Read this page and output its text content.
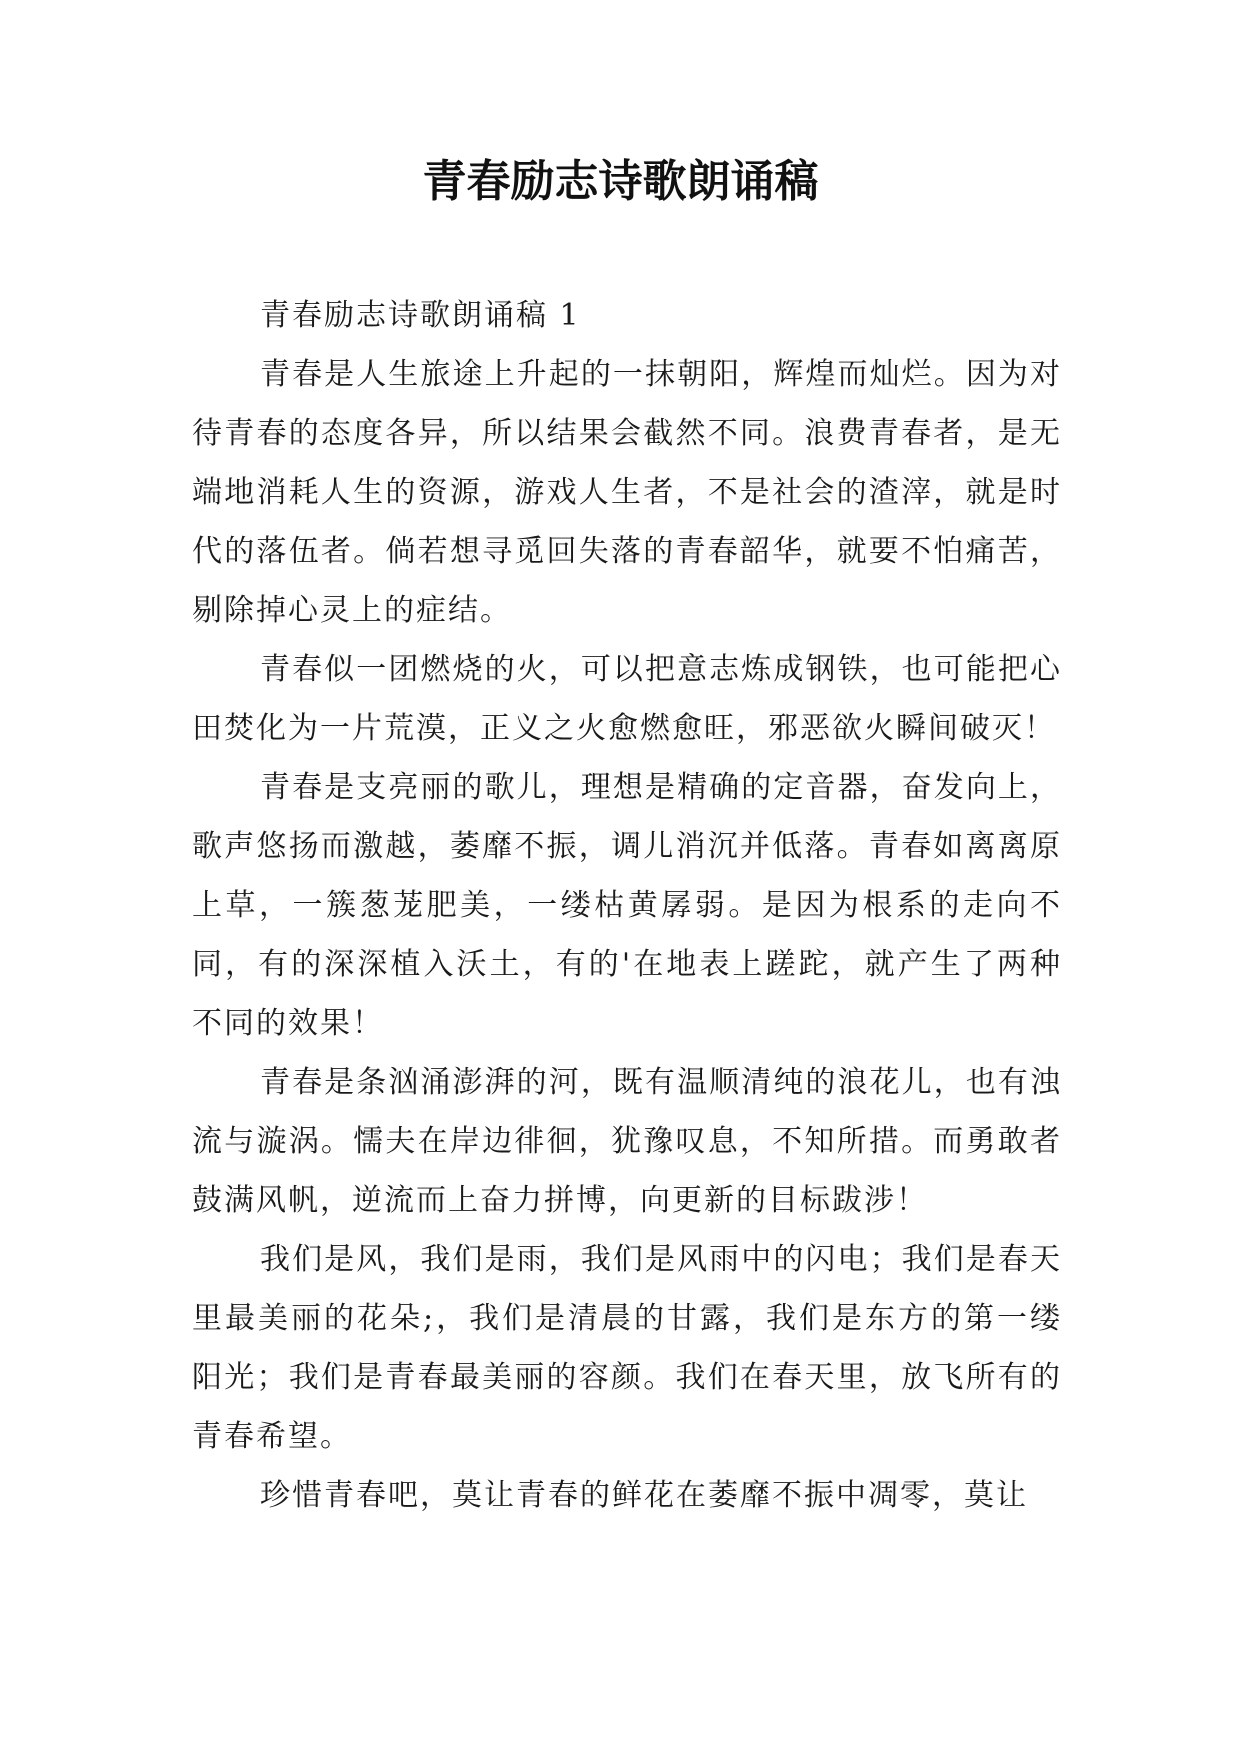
青春励志诗歌朗诵稿

青春励志诗歌朗诵稿 1

青春是人生旅途上升起的一抹朝阳，辉煌而灿烂。因为对待青春的态度各异，所以结果会截然不同。浪费青春者，是无端地消耗人生的资源，游戏人生者，不是社会的渣滓，就是时代的落伍者。倘若想寻觅回失落的青春韶华，就要不怕痛苦，剔除掉心灵上的症结。

青春似一团燃烧的火，可以把意志炼成钢铁，也可能把心田焚化为一片荒漠，正义之火愈燃愈旺，邪恶欲火瞬间破灭！

青春是支亮丽的歌儿，理想是精确的定音器，奋发向上，歌声悠扬而激越，萎靡不振，调儿消沉并低落。青春如离离原上草，一簇葱茏肥美，一缕枯黄孱弱。是因为根系的走向不同，有的深深植入沃土，有的'在地表上蹉跎，就产生了两种不同的效果！

青春是条汹涌澎湃的河，既有温顺清纯的浪花儿，也有浊流与漩涡。懦夫在岸边徘徊，犹豫叹息，不知所措。而勇敢者鼓满风帆，逆流而上奋力拼博，向更新的目标跋涉！

我们是风，我们是雨，我们是风雨中的闪电；我们是春天里最美丽的花朵;，我们是清晨的甘露，我们是东方的第一缕阳光；我们是青春最美丽的容颜。我们在春天里，放飞所有的青春希望。

珍惜青春吧，莫让青春的鲜花在萎靡不振中凋零，莫让
